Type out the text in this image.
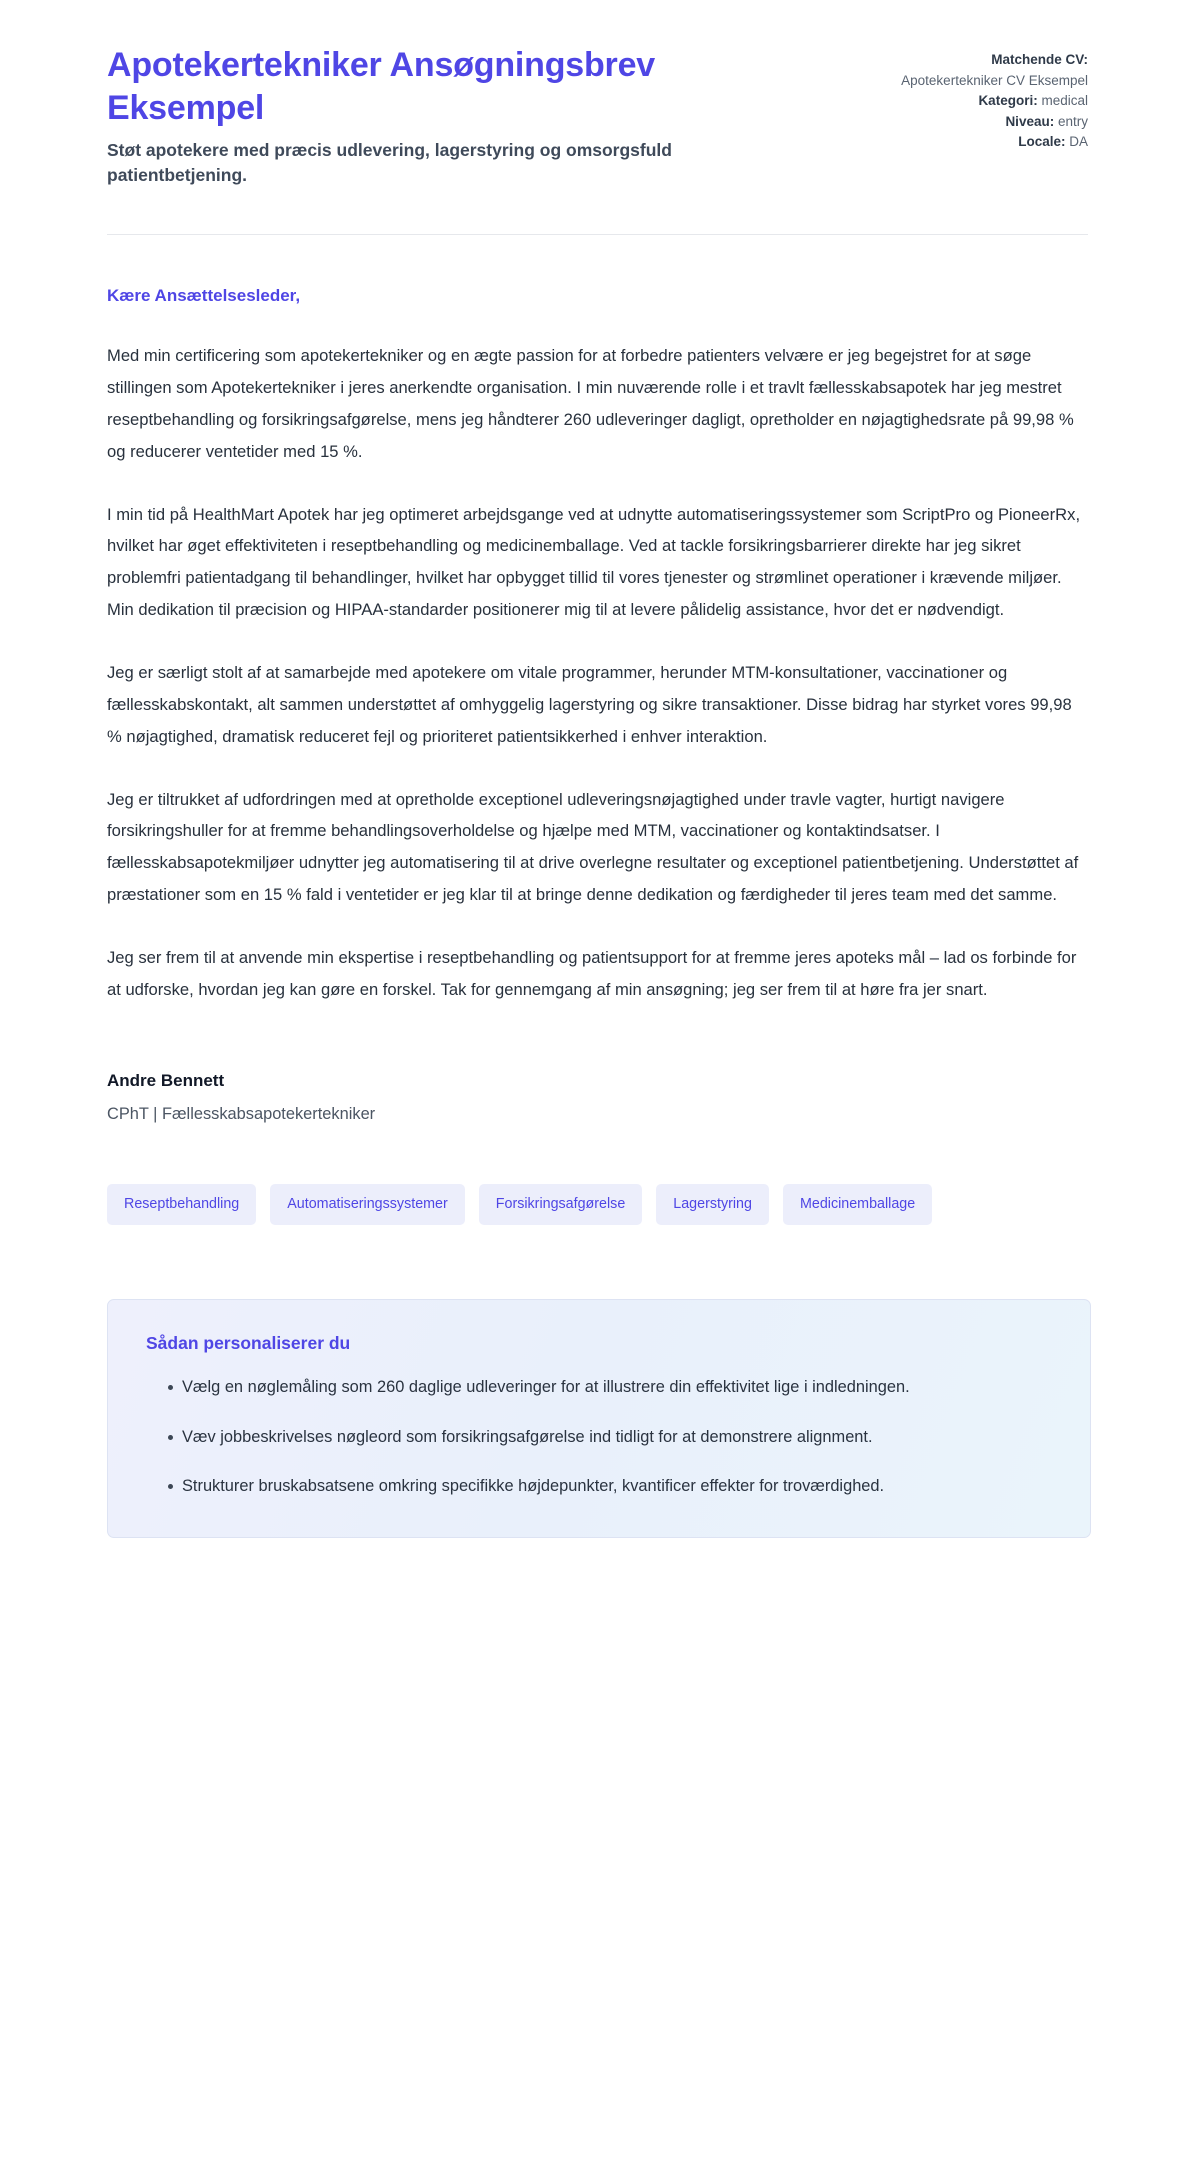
Apotekertekniker Ansøgningsbrev Eksempel

Støt apotekere med præcis udlevering, lagerstyring og omsorgsfuld patientbetjening.

Matchende CV:
Apotekertekniker CV Eksempel
Kategori: medical
Niveau: entry
Locale: DA

Kære Ansættelsesleder,

Med min certificering som apotekertekniker og en ægte passion for at forbedre patienters velvære er jeg begejstret for at søge stillingen som Apotekertekniker i jeres anerkendte organisation. I min nuværende rolle i et travlt fællesskabsapotek har jeg mestret reseptbehandling og forsikringsafgørelse, mens jeg håndterer 260 udleveringer dagligt, opretholder en nøjagtighedsrate på 99,98 % og reducerer ventetider med 15 %.

I min tid på HealthMart Apotek har jeg optimeret arbejdsgange ved at udnytte automatiseringssystemer som ScriptPro og PioneerRx, hvilket har øget effektiviteten i reseptbehandling og medicinemballage. Ved at tackle forsikringsbarrierer direkte har jeg sikret problemfri patientadgang til behandlinger, hvilket har opbygget tillid til vores tjenester og strømlinet operationer i krævende miljøer. Min dedikation til præcision og HIPAA-standarder positionerer mig til at levere pålidelig assistance, hvor det er nødvendigt.

Jeg er særligt stolt af at samarbejde med apotekere om vitale programmer, herunder MTM-konsultationer, vaccinationer og fællesskabskontakt, alt sammen understøttet af omhyggelig lagerstyring og sikre transaktioner. Disse bidrag har styrket vores 99,98 % nøjagtighed, dramatisk reduceret fejl og prioriteret patientsikkerhed i enhver interaktion.

Jeg er tiltrukket af udfordringen med at opretholde exceptionel udleveringsnøjagtighed under travle vagter, hurtigt navigere forsikringshuller for at fremme behandlingsoverholdelse og hjælpe med MTM, vaccinationer og kontaktindsatser. I fællesskabsapotekmiljøer udnytter jeg automatisering til at drive overlegne resultater og exceptionel patientbetjening. Understøttet af præstationer som en 15 % fald i ventetider er jeg klar til at bringe denne dedikation og færdigheder til jeres team med det samme.

Jeg ser frem til at anvende min ekspertise i reseptbehandling og patientsupport for at fremme jeres apoteks mål – lad os forbinde for at udforske, hvordan jeg kan gøre en forskel. Tak for gennemgang af min ansøgning; jeg ser frem til at høre fra jer snart.

Andre Bennett

CPhT | Fællesskabsapotekertekniker

Reseptbehandling	Automatiseringssystemer	Forsikringsafgørelse	Lagerstyring	Medicinemballage

Sådan personaliserer du

Vælg en nøglemåling som 260 daglige udleveringer for at illustrere din effektivitet lige i indledningen.
Væv jobbeskrivelses nøgleord som forsikringsafgørelse ind tidligt for at demonstrere alignment.
Strukturer bruskabsatsene omkring specifikke højdepunkter, kvantificer effekter for troværdighed.
